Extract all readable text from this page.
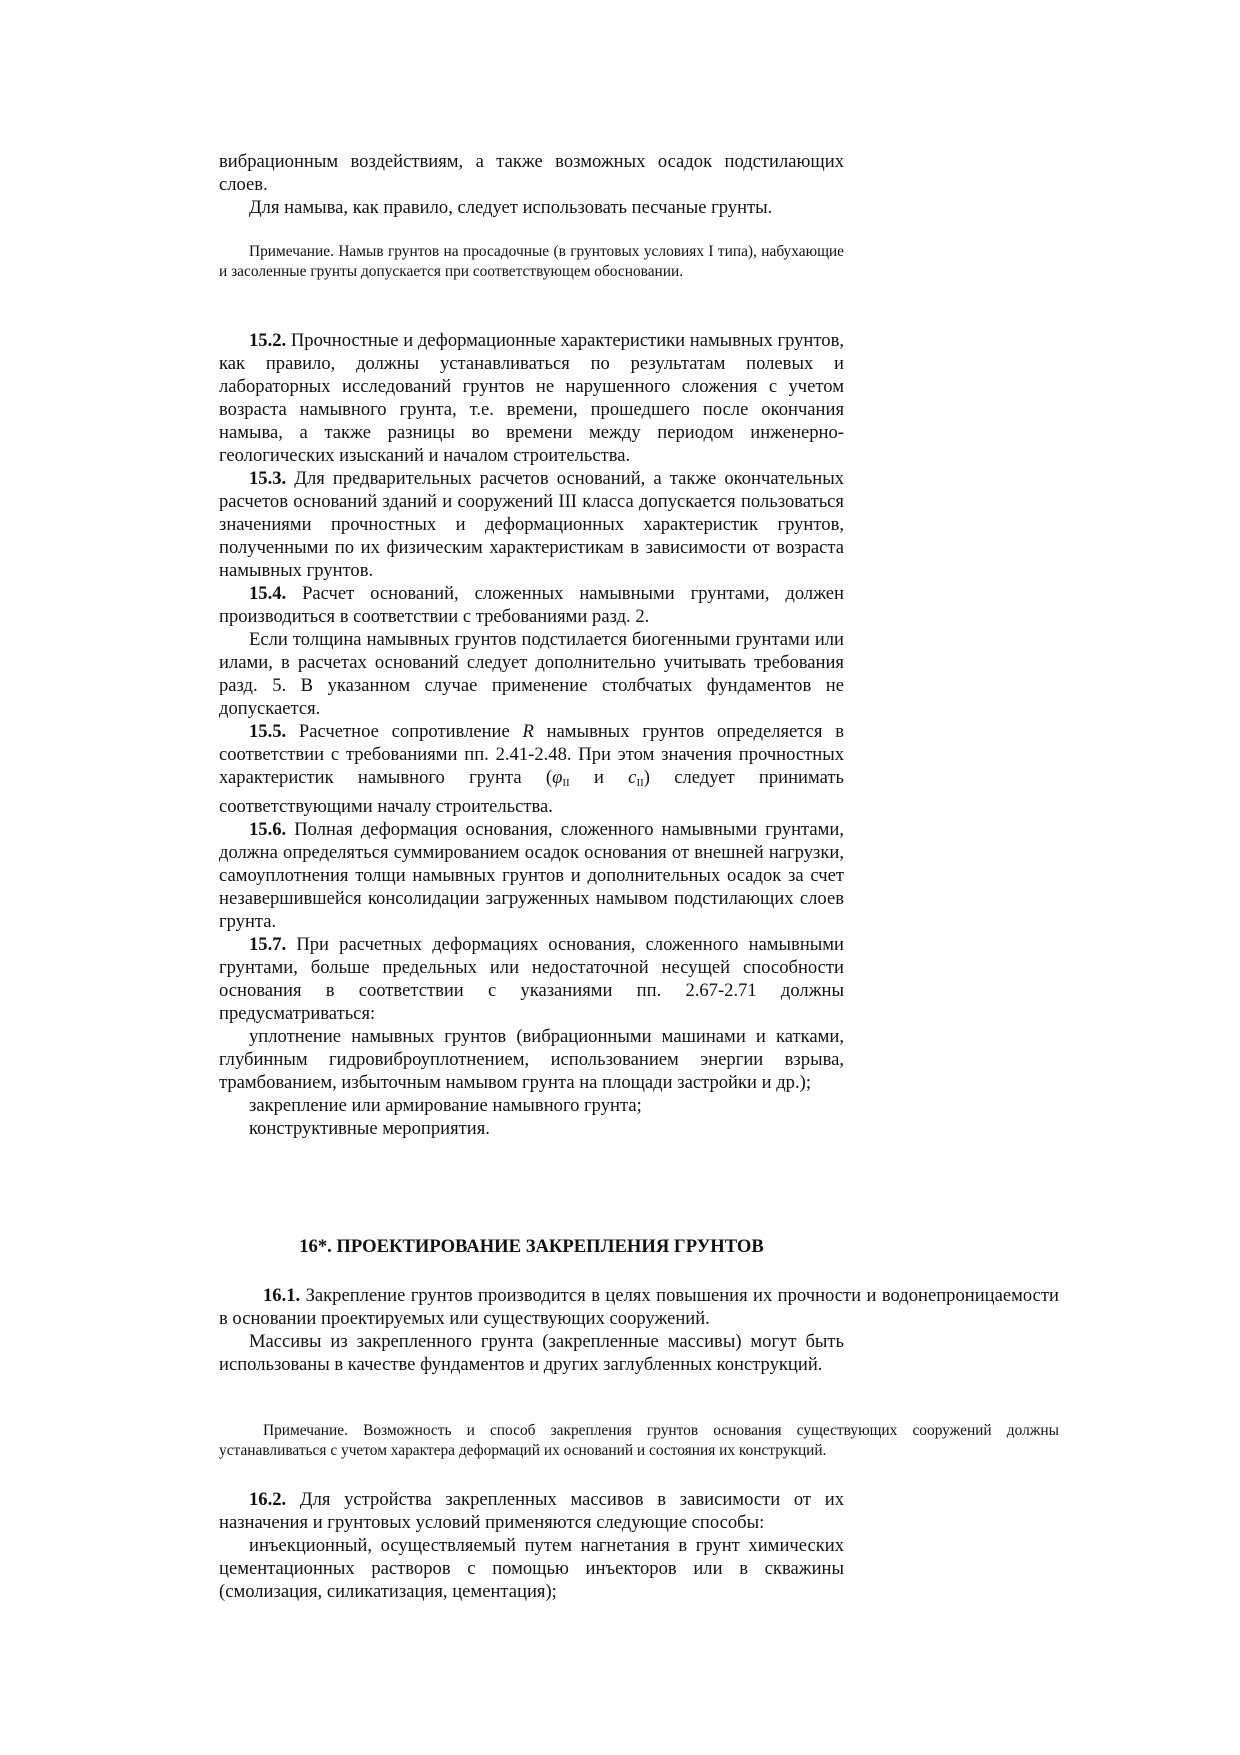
вибрационным воздействиям, а также возможных осадок подстилающих слоев.

Для намыва, как правило, следует использовать песчаные грунты.

Примечание. Намыв грунтов на просадочные (в грунтовых условиях I типа), набухающие и засоленные грунты допускается при соответствующем обосновании.

15.2. Прочностные и деформационные характеристики намывных грунтов, как правило, должны устанавливаться по результатам полевых и лабораторных исследований грунтов не нарушенного сложения с учетом возраста намывного грунта, т.е. времени, прошедшего после окончания намыва, а также разницы во времени между периодом инженерно-геологических изысканий и началом строительства.

15.3. Для предварительных расчетов оснований, а также окончательных расчетов оснований зданий и сооружений III класса допускается пользоваться значениями прочностных и деформационных характеристик грунтов, полученными по их физическим характеристикам в зависимости от возраста намывных грунтов.

15.4. Расчет оснований, сложенных намывными грунтами, должен производиться в соответствии с требованиями разд. 2.

Если толщина намывных грунтов подстилается биогенными грунтами или илами, в расчетах оснований следует дополнительно учитывать требования разд. 5. В указанном случае применение столбчатых фундаментов не допускается.

15.5. Расчетное сопротивление R намывных грунтов определяется в соответствии с требованиями пп. 2.41-2.48. При этом значения прочностных характеристик намывного грунта ($\varphi_{II}$ и $c_{II}$) следует принимать соответствующими началу строительства.

15.6. Полная деформация основания, сложенного намывными грунтами, должна определяться суммированием осадок основания от внешней нагрузки, самоуплотнения толщи намывных грунтов и дополнительных осадок за счет незавершившейся консолидации загруженных намывом подстилающих слоев грунта.

15.7. При расчетных деформациях основания, сложенного намывными грунтами, больше предельных или недостаточной несущей способности основания в соответствии с указаниями пп. 2.67-2.71 должны предусматриваться:

уплотнение намывных грунтов (вибрационными машинами и катками, глубинным гидровиброуплотнением, использованием энергии взрыва, трамбованием, избыточным намывом грунта на площади застройки и др.);

закрепление или армирование намывного грунта;

конструктивные мероприятия.

16*. ПРОЕКТИРОВАНИЕ ЗАКРЕПЛЕНИЯ ГРУНТОВ

16.1. Закрепление грунтов производится в целях повышения их прочности и водонепроницаемости в основании проектируемых или существующих сооружений.

Массивы из закрепленного грунта (закрепленные массивы) могут быть использованы в качестве фундаментов и других заглубленных конструкций.

Примечание. Возможность и способ закрепления грунтов основания существующих сооружений должны устанавливаться с учетом характера деформаций их оснований и состояния их конструкций.

16.2. Для устройства закрепленных массивов в зависимости от их назначения и грунтовых условий применяются следующие способы:

инъекционный, осуществляемый путем нагнетания в грунт химических цементационных растворов с помощью инъекторов или в скважины (смолизация, силикатизация, цементация);
